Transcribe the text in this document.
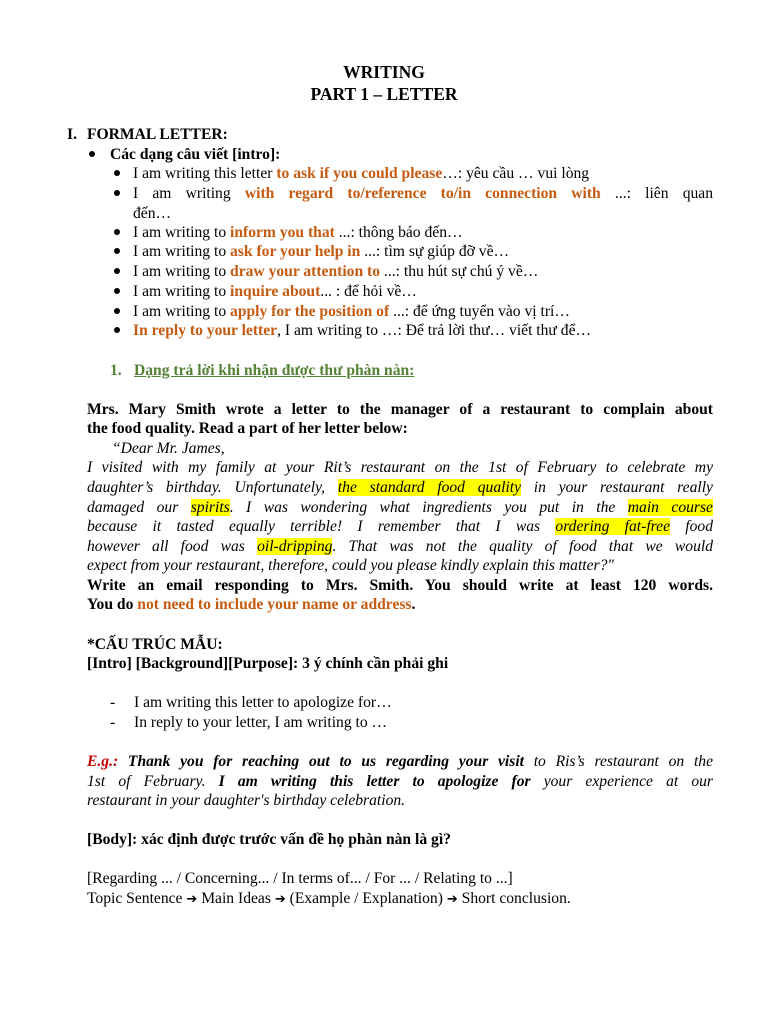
WRITING
PART 1 – LETTER
I. FORMAL LETTER:
Các dạng câu viết [intro]:
I am writing this letter to ask if you could please…: yêu cầu … vui lòng
I am writing with regard to/reference to/in connection with ...: liên quan
đến…
I am writing to inform you that ...: thông báo đến…
I am writing to ask for your help in ...: tìm sự giúp đỡ về…
I am writing to draw your attention to ...: thu hút sự chú ý về…
I am writing to inquire about... : để hỏi về…
I am writing to apply for the position of ...: để ứng tuyển vào vị trí…
In reply to your letter, I am writing to …: Để trả lời thư… viết thư để…
1. Dạng trả lời khi nhận được thư phàn nàn:
Mrs. Mary Smith wrote a letter to the manager of a restaurant to complain about
the food quality. Read a part of her letter below:
“Dear Mr. James,
I visited with my family at your Rit’s restaurant on the 1st of February to celebrate my
daughter’s birthday. Unfortunately, the standard food quality in your restaurant really
damaged our spirits. I was wondering what ingredients you put in the main course
because it tasted equally terrible! I remember that I was ordering fat-free food
however all food was oil-dripping. That was not the quality of food that we would
expect from your restaurant, therefore, could you please kindly explain this matter?"
Write an email responding to Mrs. Smith. You should write at least 120 words.
You do not need to include your name or address.
*CẤU TRÚC MẪU:
[Intro] [Background][Purpose]: 3 ý chính cần phải ghi
- I am writing this letter to apologize for…
- In reply to your letter, I am writing to …
E.g.: Thank you for reaching out to us regarding your visit to Ris’s restaurant on the
1st of February. I am writing this letter to apologize for your experience at our
restaurant in your daughter's birthday celebration.
[Body]: xác định được trước vấn đề họ phàn nàn là gì?
[Regarding ... / Concerning... / In terms of... / For ... / Relating to ...]
Topic Sentence ➔ Main Ideas ➔ (Example / Explanation) ➔ Short conclusion.
